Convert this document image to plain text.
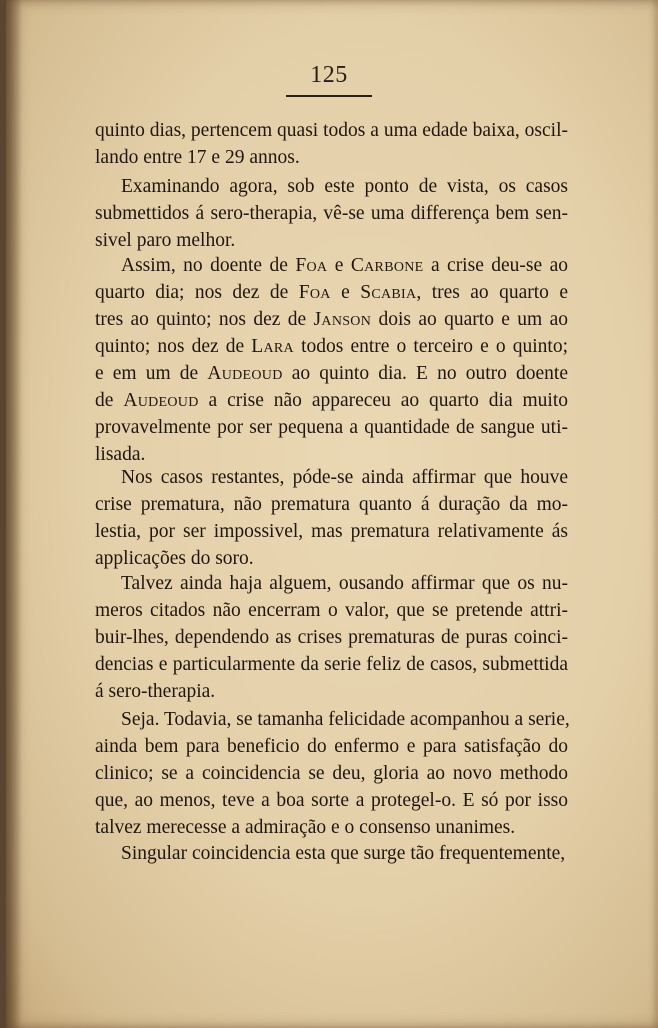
125
quinto dias, pertencem quasi todos a uma edade baixa, oscil-
lando entre 17 e 29 annos.
Examinando agora, sob este ponto de vista, os casos
submettidos á sero-therapia, vê-se uma differença bem sen-
sivel paro melhor.
Assim, no doente de Foa e Carbone a crise deu-se ao
quarto dia; nos dez de Foa e Scabia, tres ao quarto e
tres ao quinto; nos dez de Janson dois ao quarto e um ao
quinto; nos dez de Lara todos entre o terceiro e o quinto;
e em um de Audeoud ao quinto dia. E no outro doente
de Audeoud a crise não appareceu ao quarto dia muito
provavelmente por ser pequena a quantidade de sangue uti-
lisada.
Nos casos restantes, póde-se ainda affirmar que houve
crise prematura, não prematura quanto á duração da mo-
lestia, por ser impossivel, mas prematura relativamente ás
applicações do soro.
Talvez ainda haja alguem, ousando affirmar que os nu-
meros citados não encerram o valor, que se pretende attri-
buir-lhes, dependendo as crises prematuras de puras coinci-
dencias e particularmente da serie feliz de casos, submettida
á sero-therapia.
Seja. Todavia, se tamanha felicidade acompanhou a serie,
ainda bem para beneficio do enfermo e para satisfação do
clinico; se a coincidencia se deu, gloria ao novo methodo
que, ao menos, teve a boa sorte a protegel-o. E só por isso
talvez merecesse a admiração e o consenso unanimes.
Singular coincidencia esta que surge tão frequentemente,
